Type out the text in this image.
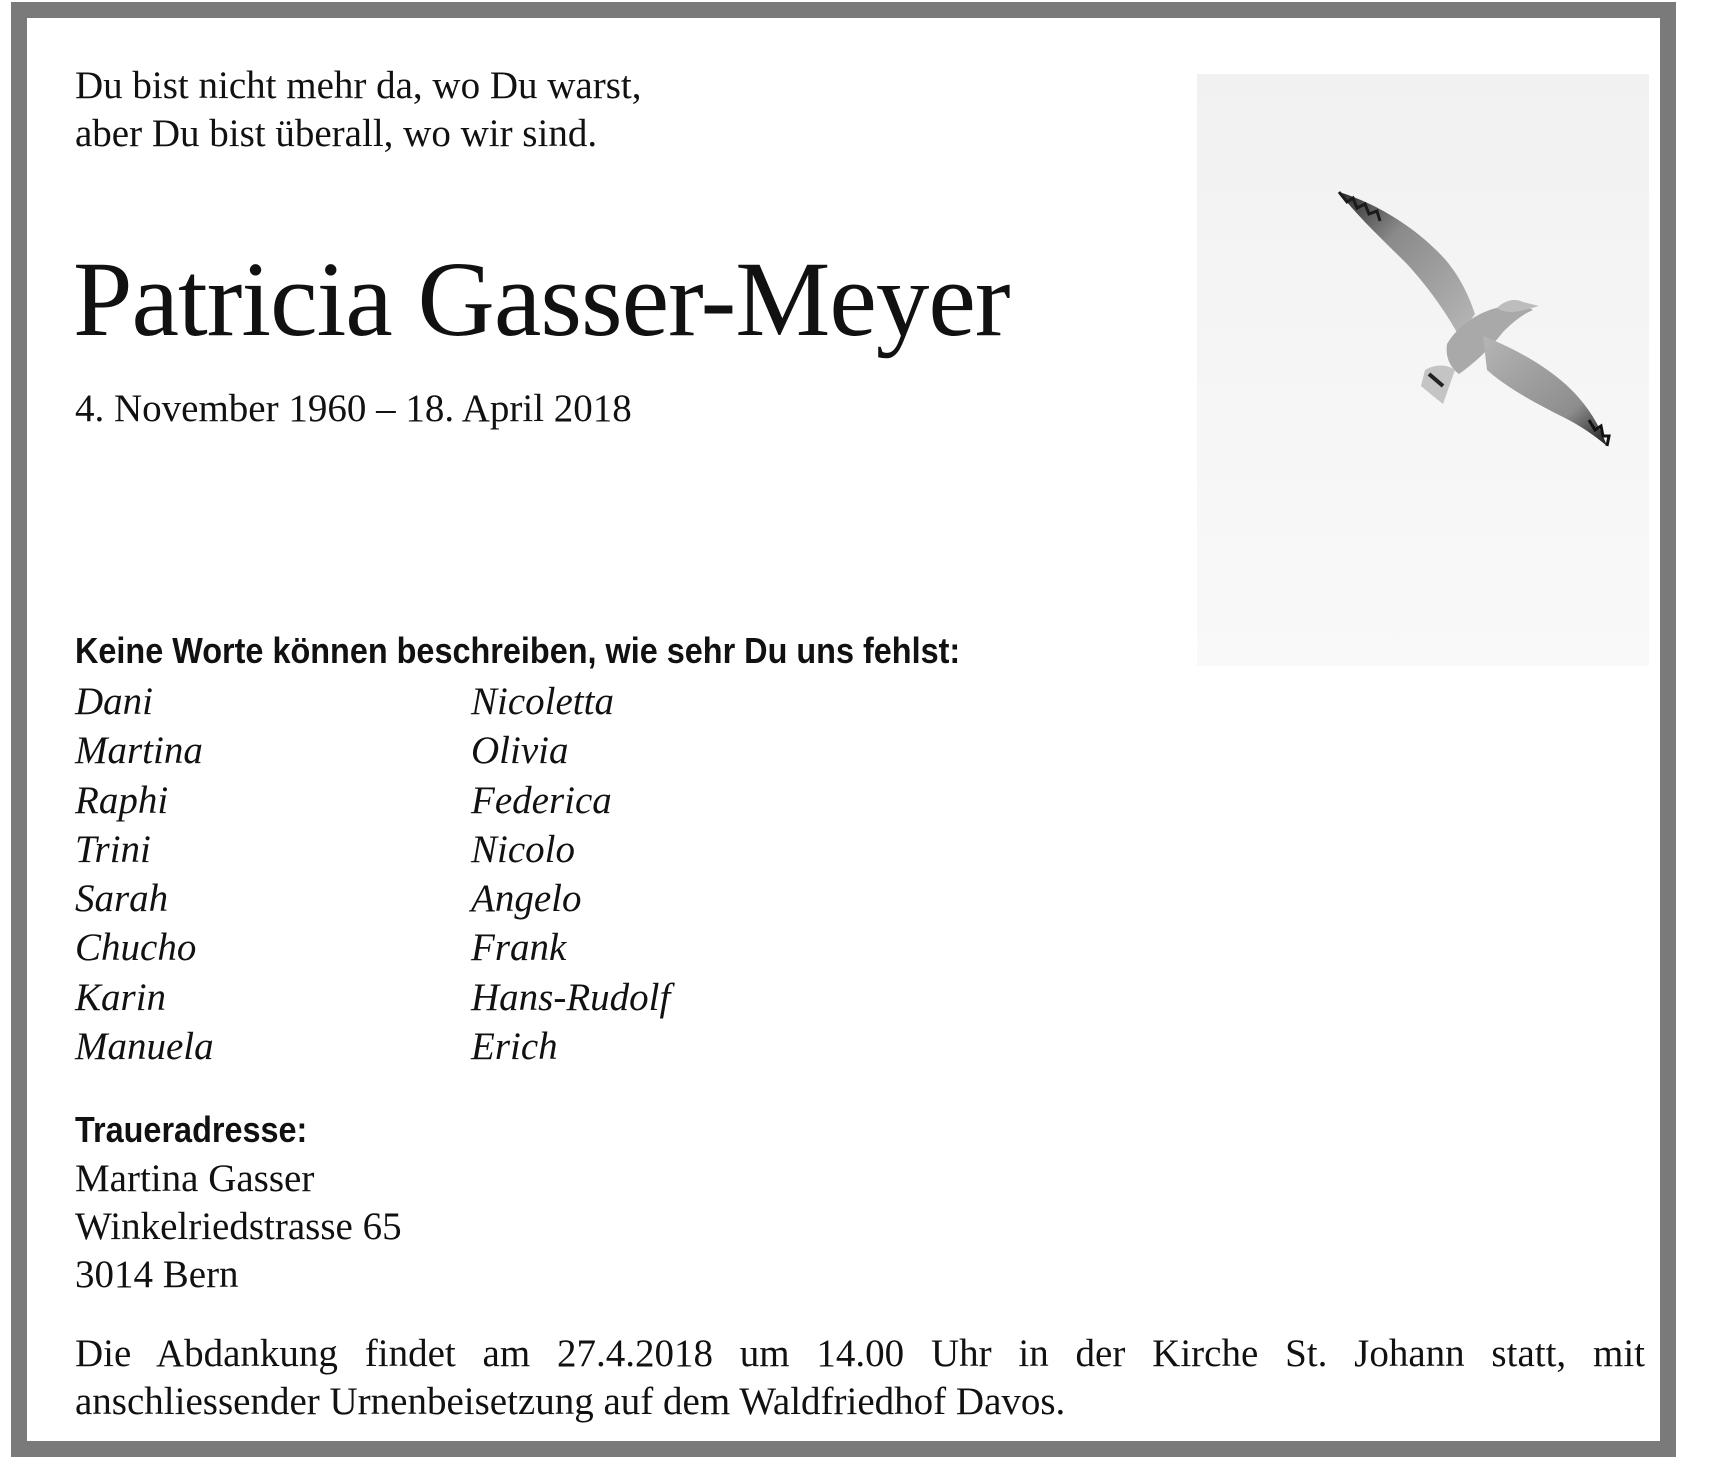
Du bist nicht mehr da, wo Du warst,
aber Du bist überall, wo wir sind.
Patricia Gasser-Meyer
4. November 1960 – 18. April 2018
Keine Worte können beschreiben, wie sehr Du uns fehlst:
Dani
Martina
Raphi
Trini
Sarah
Chucho
Karin
Manuela
Nicoletta
Olivia
Federica
Nicolo
Angelo
Frank
Hans-Rudolf
Erich
Traueradresse:
Martina Gasser
Winkelriedstrasse 65
3014 Bern
Die Abdankung findet am 27.4.2018 um 14.00 Uhr in der Kirche St. Johann statt, mit
anschliessender Urnenbeisetzung auf dem Waldfriedhof Davos.
